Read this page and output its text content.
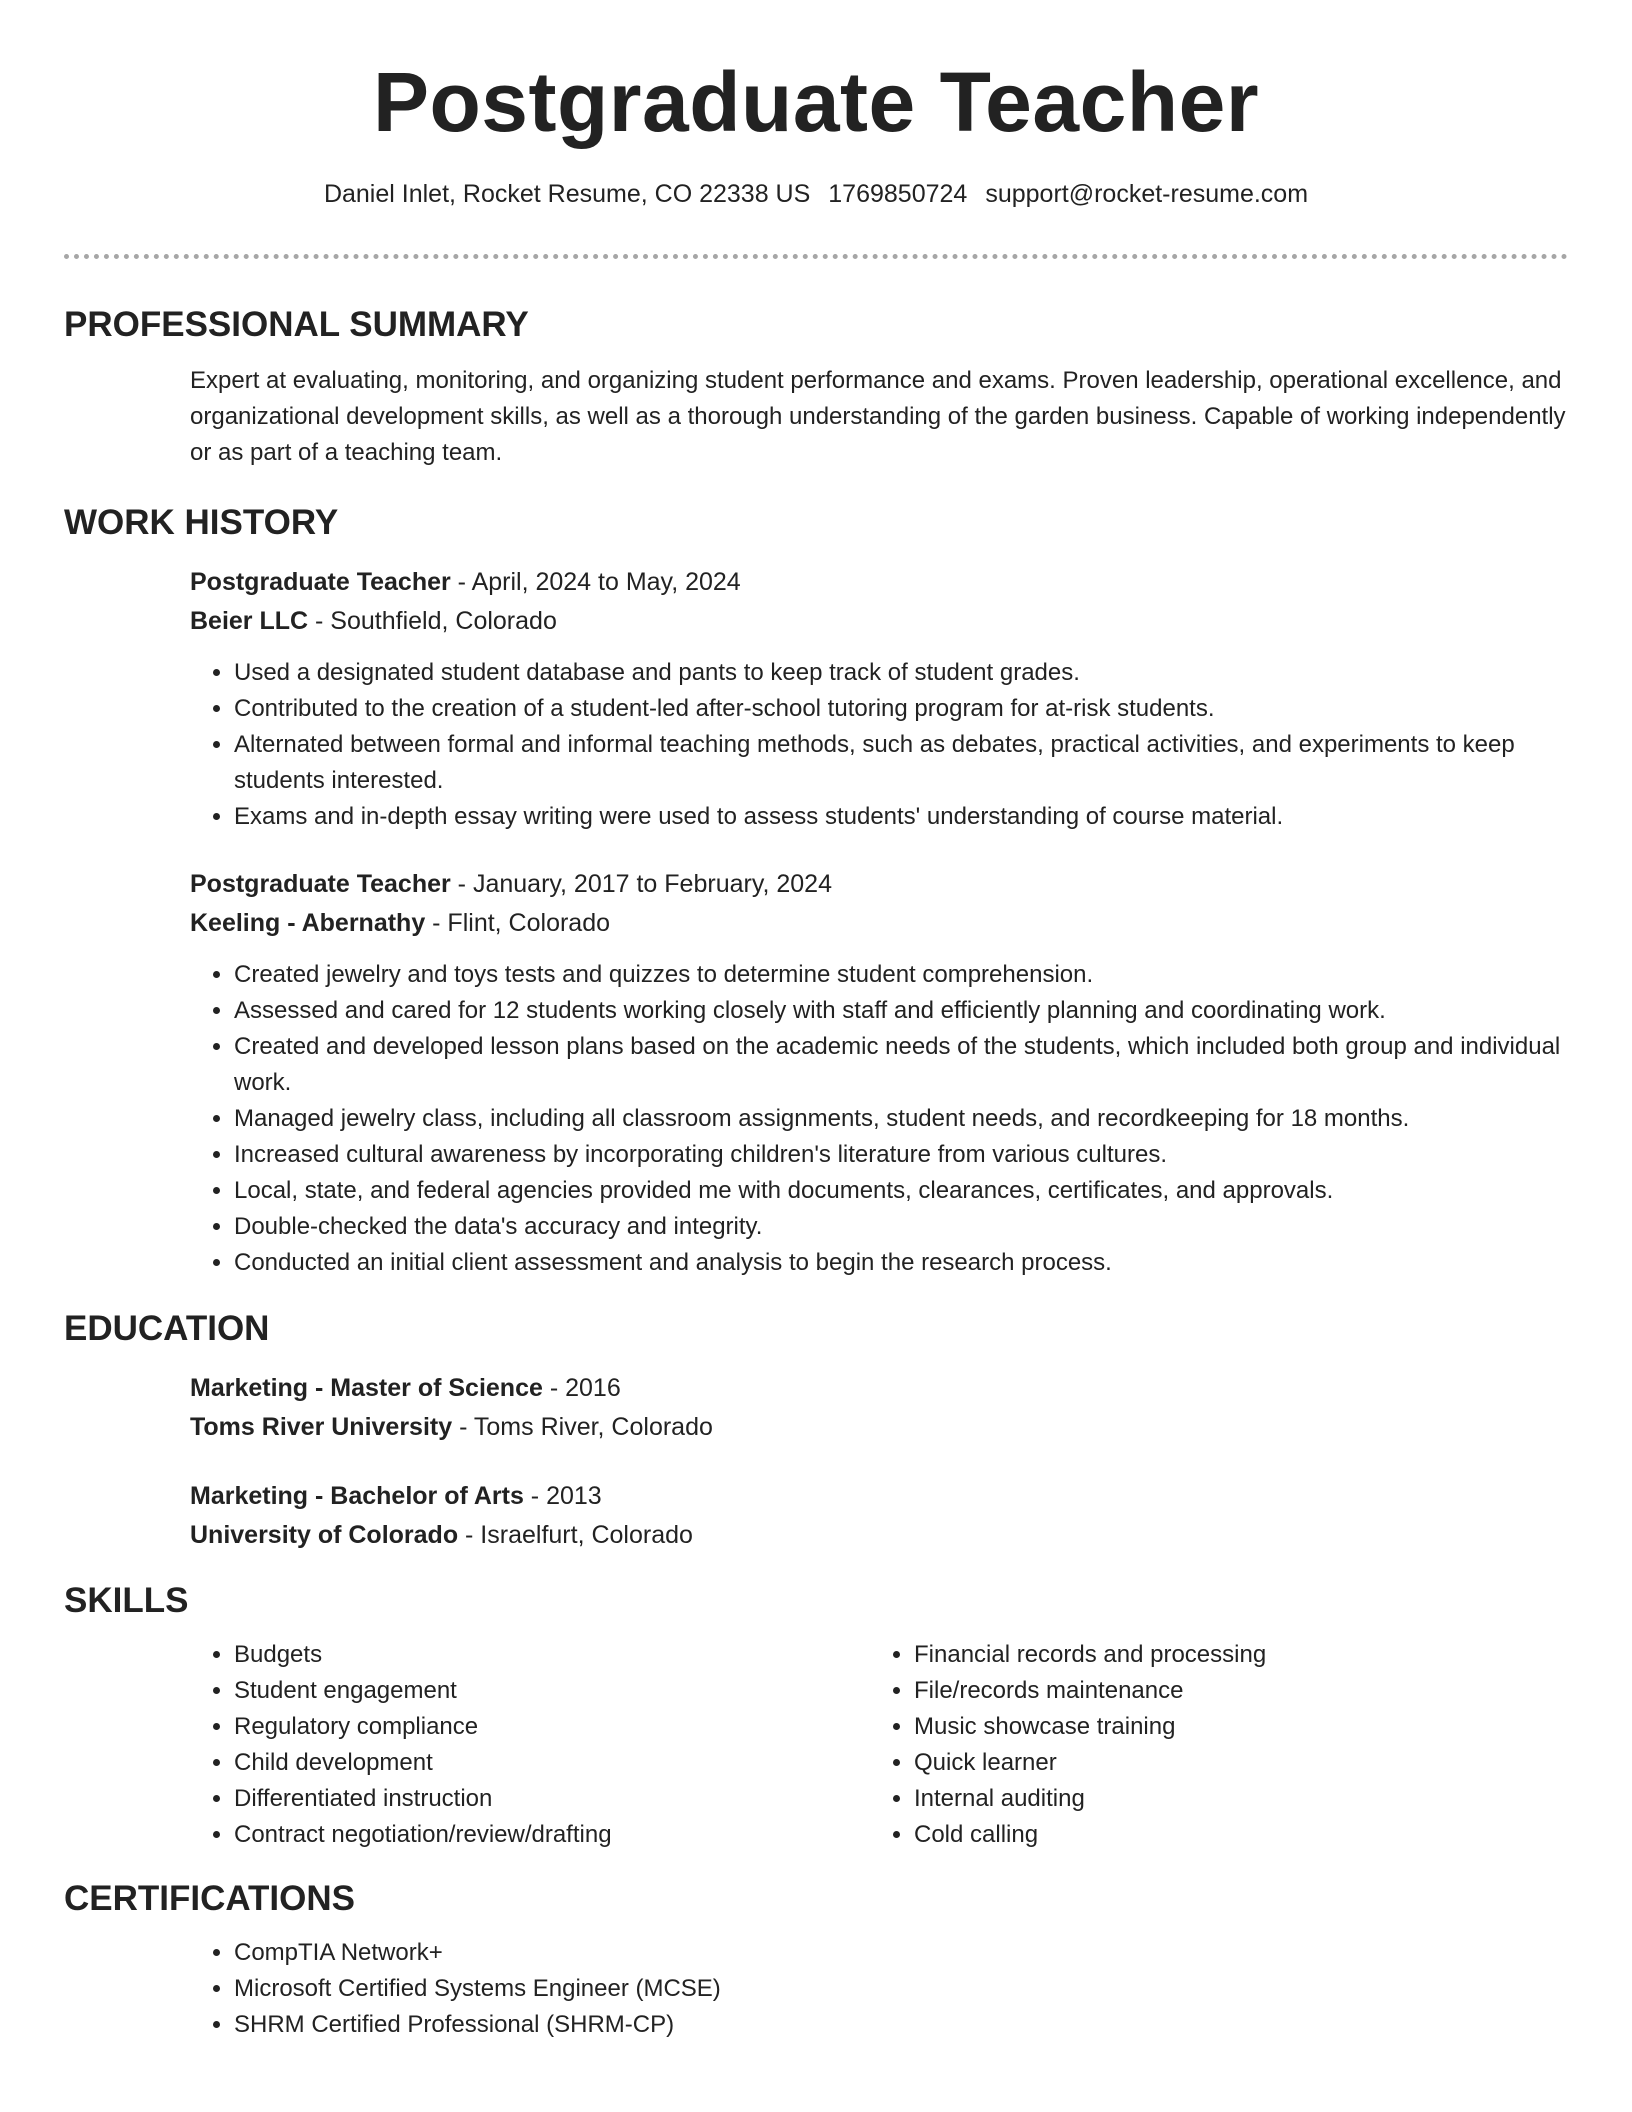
Postgraduate Teacher
Daniel Inlet, Rocket Resume, CO 22338 US 1769850724 support@rocket-resume.com
PROFESSIONAL SUMMARY

Expert at evaluating, monitoring, and organizing student performance and exams. Proven leadership, operational excellence, and organizational development skills, as well as a thorough understanding of the garden business. Capable of working independently or as part of a teaching team.

WORK HISTORY
Postgraduate Teacher - April, 2024 to May, 2024
Beier LLC - Southfield, Colorado
• Used a designated student database and pants to keep track of student grades.
• Contributed to the creation of a student-led after-school tutoring program for at-risk students.
• Alternated between formal and informal teaching methods, such as debates, practical activities, and experiments to keep students interested.
• Exams and in-depth essay writing were used to assess students' understanding of course material.
Postgraduate Teacher - January, 2017 to February, 2024
Keeling - Abernathy - Flint, Colorado
• Created jewelry and toys tests and quizzes to determine student comprehension.
• Assessed and cared for 12 students working closely with staff and efficiently planning and coordinating work.
• Created and developed lesson plans based on the academic needs of the students, which included both group and individual work.
• Managed jewelry class, including all classroom assignments, student needs, and recordkeeping for 18 months.
• Increased cultural awareness by incorporating children's literature from various cultures.
• Local, state, and federal agencies provided me with documents, clearances, certificates, and approvals.
• Double-checked the data's accuracy and integrity.
• Conducted an initial client assessment and analysis to begin the research process.
EDUCATION
Marketing - Master of Science - 2016
Toms River University - Toms River, Colorado
Marketing - Bachelor of Arts - 2013
University of Colorado - Israelfurt, Colorado
SKILLS
• Budgets
• Student engagement
• Regulatory compliance
• Child development
• Differentiated instruction
• Contract negotiation/review/drafting
• Financial records and processing
• File/records maintenance
• Music showcase training
• Quick learner
• Internal auditing
• Cold calling
CERTIFICATIONS
• CompTIA Network+
• Microsoft Certified Systems Engineer (MCSE)
• SHRM Certified Professional (SHRM-CP)
